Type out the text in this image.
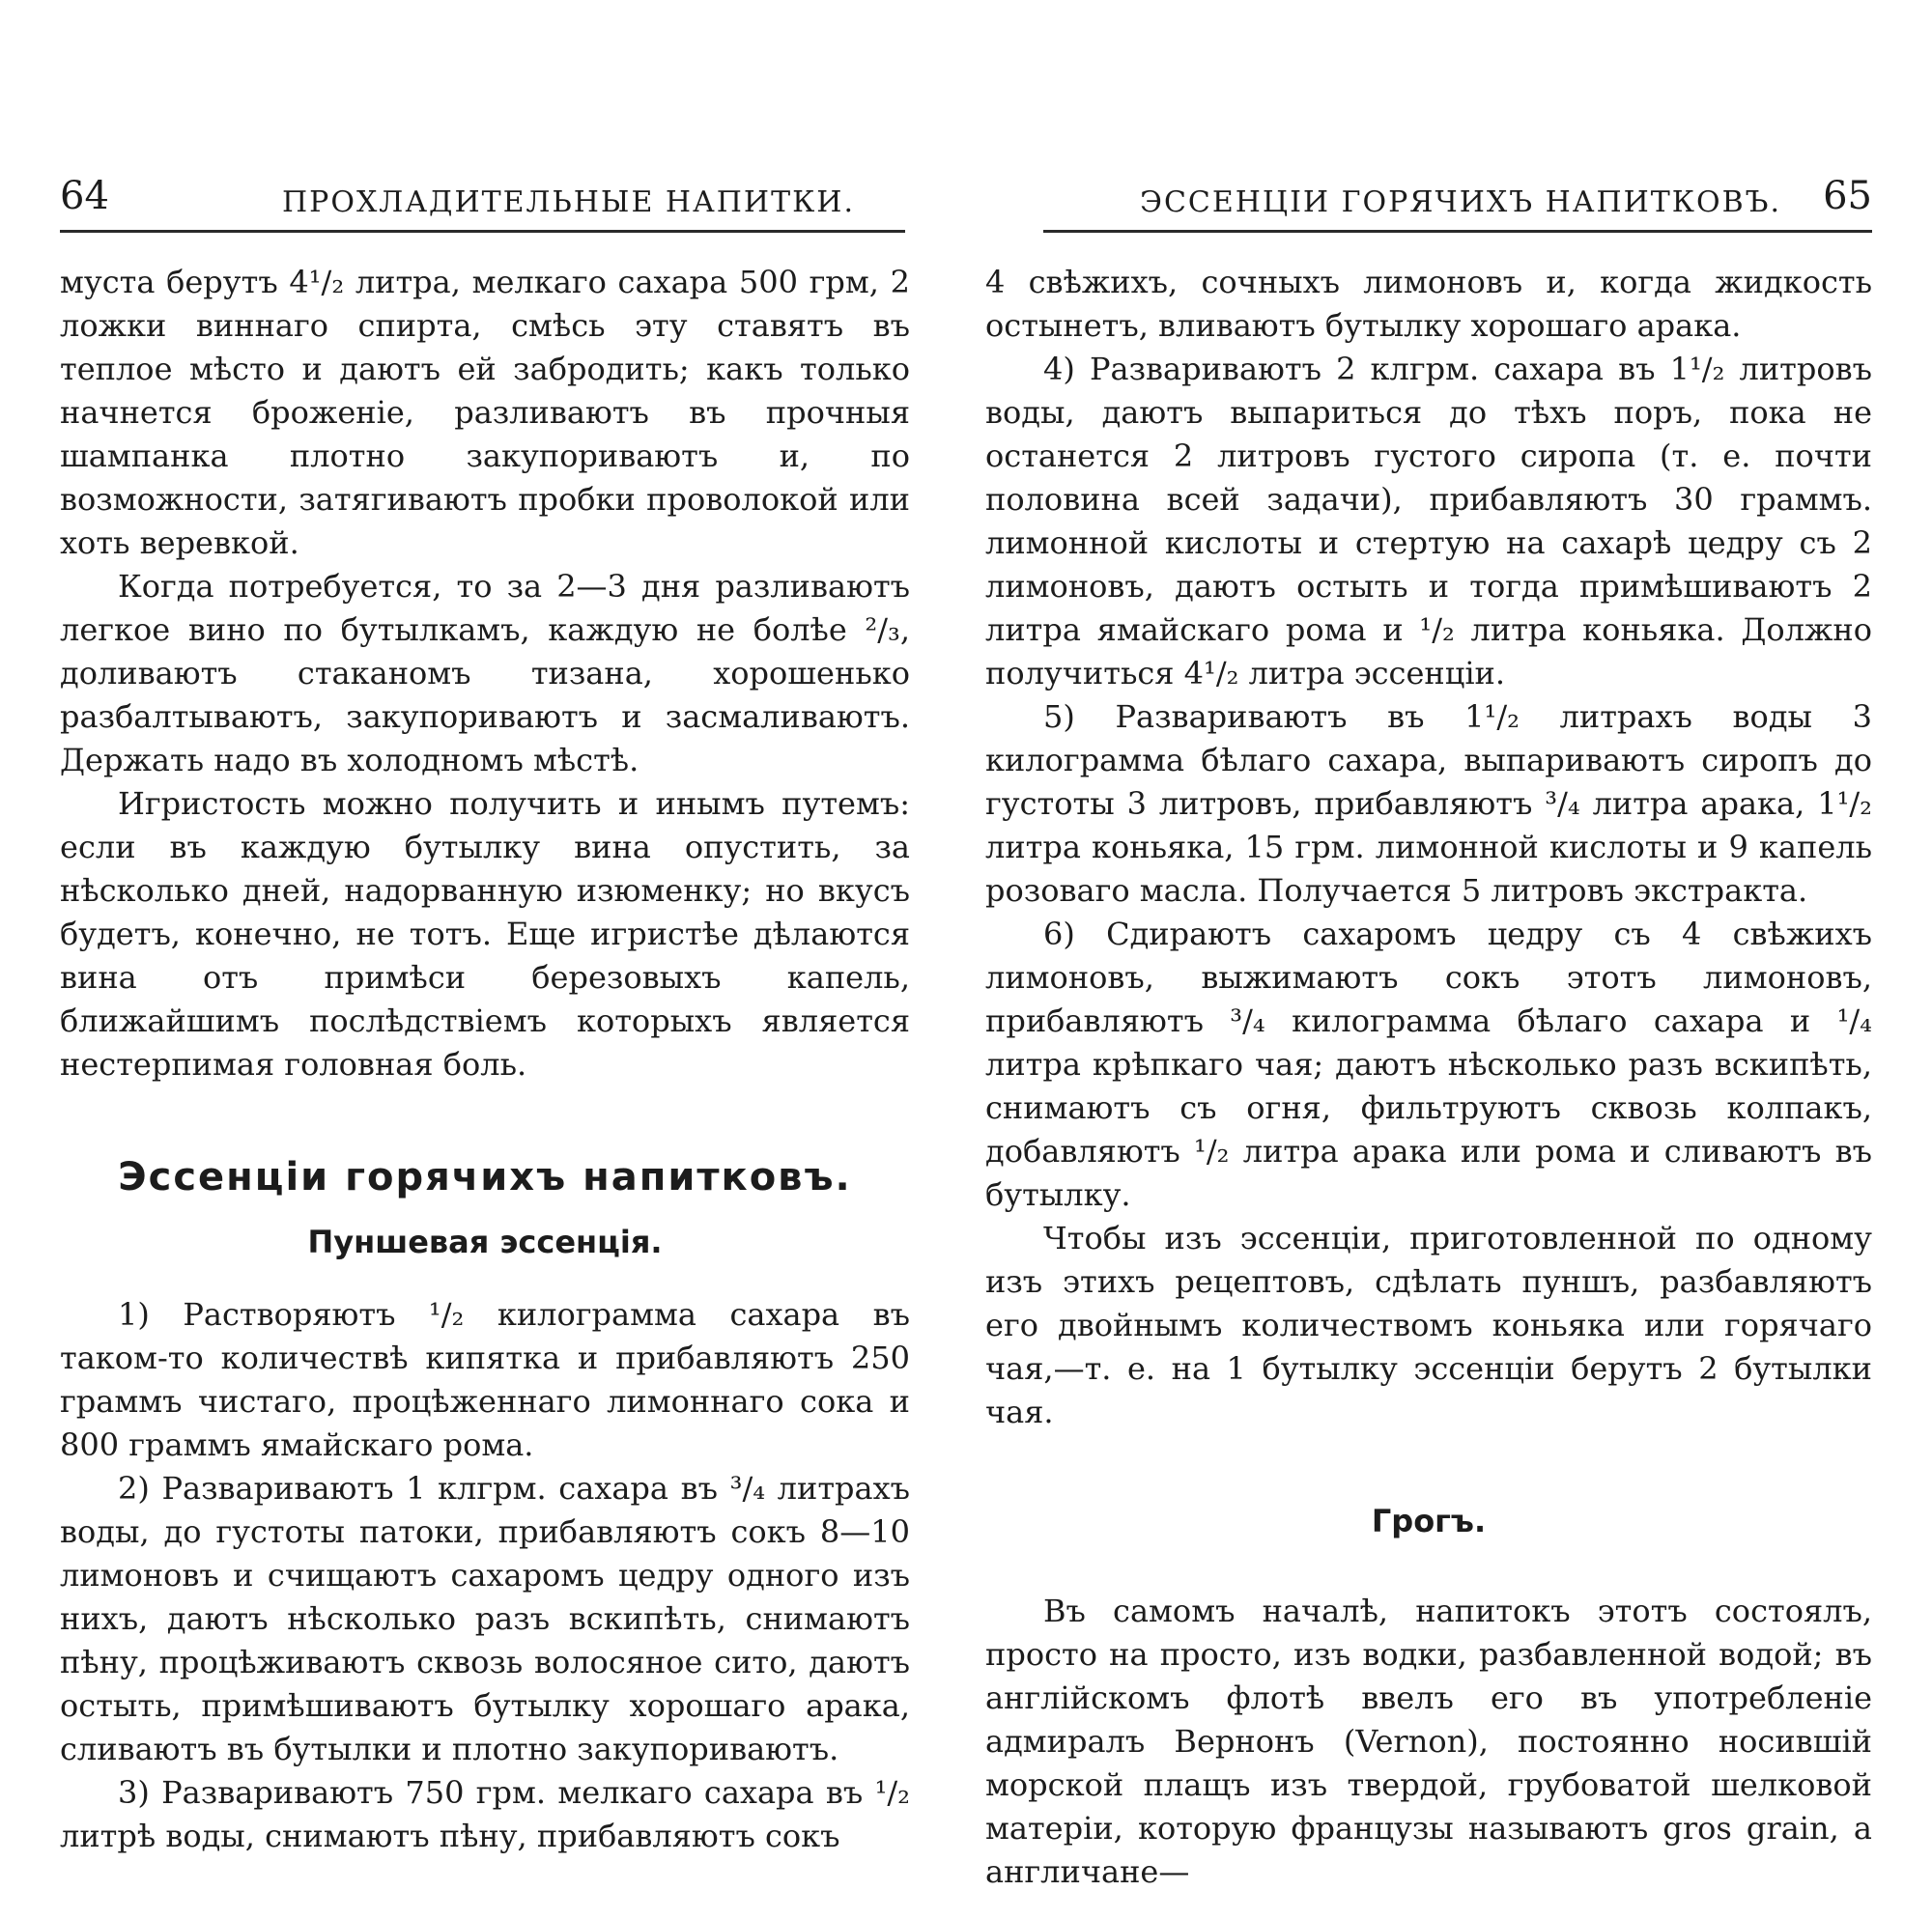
64	ПРОХЛАДИТЕЛЬНЫЕ НАПИТКИ.

муста берутъ 4¹/₂ литра, мелкаго сахара 500 грм, 2 ложки виннаго спирта, смѣсь эту ставятъ въ теплое мѣсто и даютъ ей забродить; какъ только начнется броженіе, разливаютъ въ прочныя шампанка плотно закупориваютъ и, по возможности, затягиваютъ пробки проволокой или хоть веревкой.

Когда потребуется, то за 2—3 дня разливаютъ легкое вино по бутылкамъ, каждую не болѣе ²/₃, доливаютъ стаканомъ тизана, хорошенько разбалтываютъ, закупориваютъ и засмаливаютъ. Держать надо въ холодномъ мѣстѣ.

Игристость можно получить и инымъ путемъ: если въ каждую бутылку вина опустить, за нѣсколько дней, надорванную изюменку; но вкусъ будетъ, конечно, не тотъ. Еще игристѣе дѣлаются вина отъ примѣси березовыхъ капель, ближайшимъ послѣдствіемъ которыхъ является нестерпимая головная боль.

Эссенціи горячихъ напитковъ.
Пуншевая эссенція.

1) Растворяютъ ¹/₂ килограмма сахара въ таком-то количествѣ кипятка и прибавляютъ 250 граммъ чистаго, процѣженнаго лимоннаго сока и 800 граммъ ямайскаго рома.

2) Развариваютъ 1 клгрм. сахара въ ³/₄ литрахъ воды, до густоты патоки, прибавляютъ сокъ 8—10 лимоновъ и счищаютъ сахаромъ цедру одного изъ нихъ, даютъ нѣсколько разъ вскипѣть, снимаютъ пѣну, процѣживаютъ сквозь волосяное сито, даютъ остыть, примѣшиваютъ бутылку хорошаго арака, сливаютъ въ бутылки и плотно закупориваютъ.

3) Развариваютъ 750 грм. мелкаго сахара въ ¹/₂ литрѣ воды, снимаютъ пѣну, прибавляютъ сокъ

ЭССЕНЦІИ ГОРЯЧИХЪ НАПИТКОВЪ. 65

4 свѣжихъ, сочныхъ лимоновъ и, когда жидкость остынетъ, вливаютъ бутылку хорошаго арака.

4) Развариваютъ 2 клгрм. сахара въ 1¹/₂ литровъ воды, даютъ выпариться до тѣхъ поръ, пока не останется 2 литровъ густого сиропа (т. е. почти половина всей задачи), прибавляютъ 30 граммъ. лимонной кислоты и стертую на сахарѣ цедру съ 2 лимоновъ, даютъ остыть и тогда примѣшиваютъ 2 литра ямайскаго рома и ¹/₂ литра коньяка. Должно получиться 4¹/₂ литра эссенціи.

5) Развариваютъ въ 1¹/₂ литрахъ воды 3 килограмма бѣлаго сахара, выпариваютъ сиропъ до густоты 3 литровъ, прибавляютъ ³/₄ литра арака, 1¹/₂ литра коньяка, 15 грм. лимонной кислоты и 9 капель розоваго масла. Получается 5 литровъ экстракта.

6) Сдираютъ сахаромъ цедру съ 4 свѣжихъ лимоновъ, выжимаютъ сокъ этотъ лимоновъ, прибавляютъ ³/₄ килограмма бѣлаго сахара и ¹/₄ литра крѣпкаго чая; даютъ нѣсколько разъ вскипѣть, снимаютъ съ огня, фильтруютъ сквозь колпакъ, добавляютъ ¹/₂ литра арака или рома и сливаютъ въ бутылку.

Чтобы изъ эссенціи, приготовленной по одному изъ этихъ рецептовъ, сдѣлать пуншъ, разбавляютъ его двойнымъ количествомъ коньяка или горячаго чая,—т. е. на 1 бутылку эссенціи берутъ 2 бутылки чая.

Грогъ.

Въ самомъ началѣ, напитокъ этотъ состоялъ, просто на просто, изъ водки, разбавленной водой; въ англійскомъ флотѣ ввелъ его въ употребленіе адмиралъ Вернонъ (Vernon), постоянно носившій морской плащъ изъ твердой, грубоватой шелковой матеріи, которую французы называютъ gros grain, а англичане—
